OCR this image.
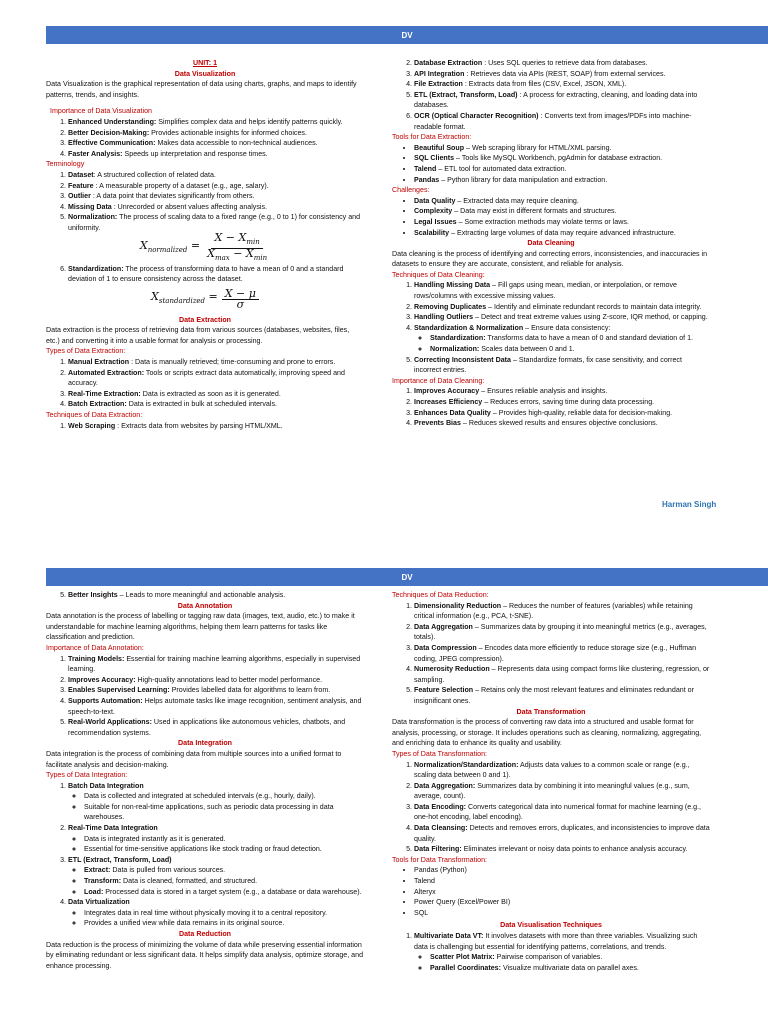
DV

UNIT: 1

Data Visualization

Data Visualization is the graphical representation of data using charts, graphs, and maps to identify patterns, trends, and insights.

Importance of Data Visualization

1. Enhanced Understanding: Simplifies complex data and helps identify patterns quickly.
2. Better Decision-Making: Provides actionable insights for informed choices.
3. Effective Communication: Makes data accessible to non-technical audiences.
4. Faster Analysis: Speeds up interpretation and response times.

Terminology

1. Dataset: A structured collection of related data.
2. Feature : A measurable property of a dataset (e.g., age, salary).
3. Outlier : A data point that deviates significantly from others.
4. Missing Data : Unrecorded or absent values affecting analysis.
5. Normalization: The process of scaling data to a fixed range (e.g., 0 to 1) for consistency and uniformity.
$X_{normalized} = \frac{X - X_{min}}{X_{max} - X_{min}}$
6. Standardization: The process of transforming data to have a mean of 0 and a standard deviation of 1 to ensure consistency across the dataset.
$X_{standardized} = \frac{X - \mu}{\sigma}$

Data Extraction

Data extraction is the process of retrieving data from various sources (databases, websites, files, etc.) and converting it into a usable format for analysis or processing.

Types of Data Extraction:

1. Manual Extraction : Data is manually retrieved; time-consuming and prone to errors.
2. Automated Extraction: Tools or scripts extract data automatically, improving speed and accuracy.
3. Real-Time Extraction: Data is extracted as soon as it is generated.
4. Batch Extraction: Data is extracted in bulk at scheduled intervals.

Techniques of Data Extraction:

1. Web Scraping : Extracts data from websites by parsing HTML/XML.
2. Database Extraction : Uses SQL queries to retrieve data from databases.
3. API Integration : Retrieves data via APIs (REST, SOAP) from external services.
4. File Extraction : Extracts data from files (CSV, Excel, JSON, XML).
5. ETL (Extract, Transform, Load) : A process for extracting, cleaning, and loading data into databases.
6. OCR (Optical Character Recognition) : Converts text from images/PDFs into machine-readable format.

Tools for Data Extraction:

• Beautiful Soup – Web scraping library for HTML/XML parsing.
• SQL Clients – Tools like MySQL Workbench, pgAdmin for database extraction.
• Talend – ETL tool for automated data extraction.
• Pandas – Python library for data manipulation and extraction.

Challenges:

• Data Quality – Extracted data may require cleaning.
• Complexity – Data may exist in different formats and structures.
• Legal Issues – Some extraction methods may violate terms or laws.
• Scalability – Extracting large volumes of data may require advanced infrastructure.

Data Cleaning

Data cleaning is the process of identifying and correcting errors, inconsistencies, and inaccuracies in datasets to ensure they are accurate, consistent, and reliable for analysis.

Techniques of Data Cleaning:

1. Handling Missing Data – Fill gaps using mean, median, or interpolation, or remove rows/columns with excessive missing values.
2. Removing Duplicates – Identify and eliminate redundant records to maintain data integrity.
3. Handling Outliers – Detect and treat extreme values using Z-score, IQR method, or capping.
4. Standardization & Normalization – Ensure data consistency:
◦ Standardization: Transforms data to have a mean of 0 and standard deviation of 1.
◦ Normalization: Scales data between 0 and 1.
5. Correcting Inconsistent Data – Standardize formats, fix case sensitivity, and correct incorrect entries.

Importance of Data Cleaning:

1. Improves Accuracy – Ensures reliable analysis and insights.
2. Increases Efficiency – Reduces errors, saving time during data processing.
3. Enhances Data Quality – Provides high-quality, reliable data for decision-making.
4. Prevents Bias – Reduces skewed results and ensures objective conclusions.
Harman Singh
DV
5. Better Insights – Leads to more meaningful and actionable analysis.

Data Annotation

Data annotation is the process of labelling or tagging raw data (images, text, audio, etc.) to make it understandable for machine learning algorithms, helping them learn patterns for tasks like classification and prediction.

Importance of Data Annotation:

1. Training Models: Essential for training machine learning algorithms, especially in supervised learning.
2. Improves Accuracy: High-quality annotations lead to better model performance.
3. Enables Supervised Learning: Provides labelled data for algorithms to learn from.
4. Supports Automation: Helps automate tasks like image recognition, sentiment analysis, and speech-to-text.
5. Real-World Applications: Used in applications like autonomous vehicles, chatbots, and recommendation systems.

Data Integration

Data integration is the process of combining data from multiple sources into a unified format to facilitate analysis and decision-making.

Types of Data Integration:

1. Batch Data Integration
◦ Data is collected and integrated at scheduled intervals (e.g., hourly, daily).
◦ Suitable for non-real-time applications, such as periodic data processing in data warehouses.
2. Real-Time Data Integration
◦ Data is integrated instantly as it is generated.
◦ Essential for time-sensitive applications like stock trading or fraud detection.
3. ETL (Extract, Transform, Load)
◦ Extract: Data is pulled from various sources.
◦ Transform: Data is cleaned, formatted, and structured.
◦ Load: Processed data is stored in a target system (e.g., a database or data warehouse).
4. Data Virtualization
◦ Integrates data in real time without physically moving it to a central repository.
◦ Provides a unified view while data remains in its original source.

Data Reduction

Data reduction is the process of minimizing the volume of data while preserving essential information by eliminating redundant or less significant data. It helps simplify data analysis, optimize storage, and enhance processing.

Techniques of Data Reduction:

1. Dimensionality Reduction – Reduces the number of features (variables) while retaining critical information (e.g., PCA, t-SNE).
2. Data Aggregation – Summarizes data by grouping it into meaningful metrics (e.g., averages, totals).
3. Data Compression – Encodes data more efficiently to reduce storage size (e.g., Huffman coding, JPEG compression).
4. Numerosity Reduction – Represents data using compact forms like clustering, regression, or sampling.
5. Feature Selection – Retains only the most relevant features and eliminates redundant or insignificant ones.

Data Transformation

Data transformation is the process of converting raw data into a structured and usable format for analysis, processing, or storage. It includes operations such as cleaning, normalizing, aggregating, and enriching data to enhance its quality and usability.

Types of Data Transformation:

1. Normalization/Standardization: Adjusts data values to a common scale or range (e.g., scaling data between 0 and 1).
2. Data Aggregation: Summarizes data by combining it into meaningful values (e.g., sum, average, count).
3. Data Encoding: Converts categorical data into numerical format for machine learning (e.g., one-hot encoding, label encoding).
4. Data Cleansing: Detects and removes errors, duplicates, and inconsistencies to improve data quality.
5. Data Filtering: Eliminates irrelevant or noisy data points to enhance analysis accuracy.

Tools for Data Transformation:

• Pandas (Python)
• Talend
• Alteryx
• Power Query (Excel/Power BI)
• SQL

Data Visualisation Techniques

1. Multivariate Data VT: It involves datasets with more than three variables. Visualizing such data is challenging but essential for identifying patterns, correlations, and trends.
◦ Scatter Plot Matrix: Pairwise comparison of variables.
◦ Parallel Coordinates: Visualize multivariate data on parallel axes.
